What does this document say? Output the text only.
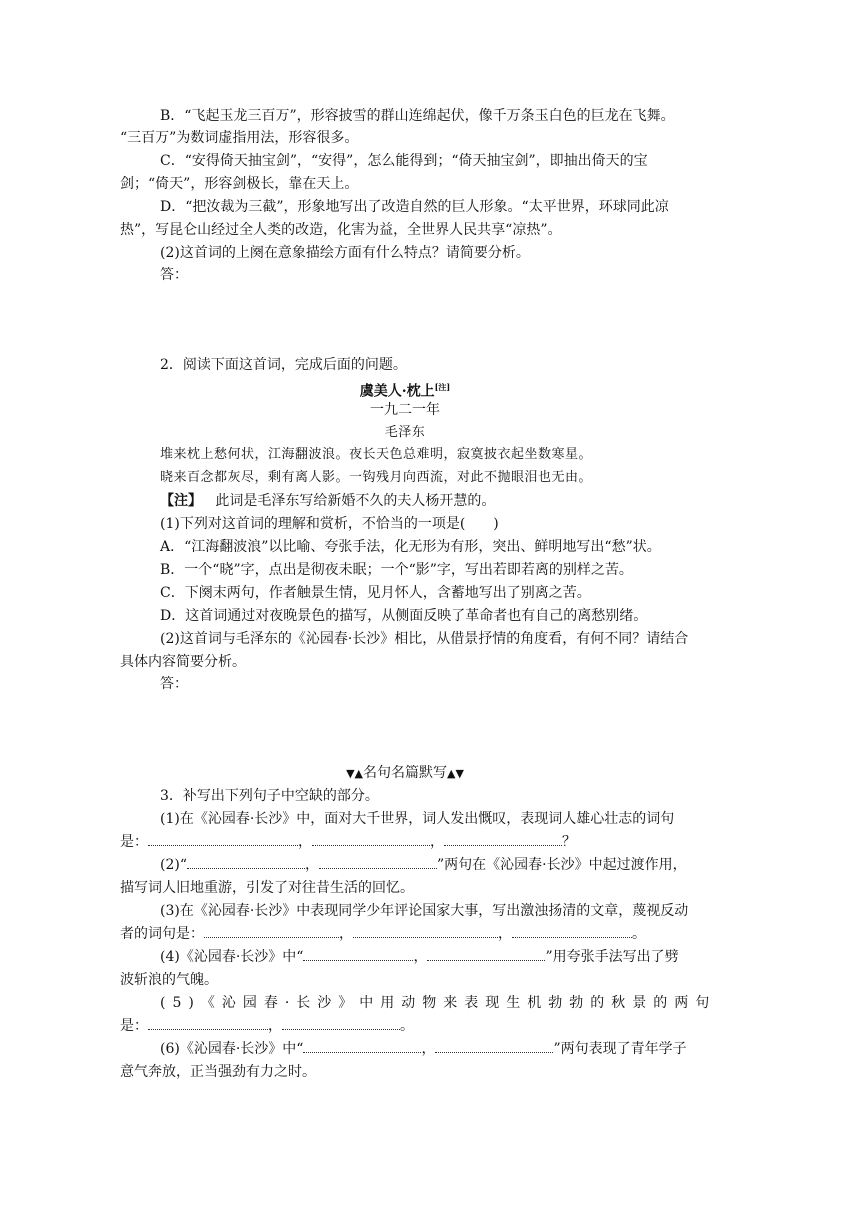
B．“飞起玉龙三百万”，形容披雪的群山连绵起伏，像千万条玉白色的巨龙在飞舞。
“三百万”为数词虚指用法，形容很多。
C．“安得倚天抽宝剑”，“安得”，怎么能得到；“倚天抽宝剑”，即抽出倚天的宝
剑；“倚天”，形容剑极长，靠在天上。
D．“把汝裁为三截”，形象地写出了改造自然的巨人形象。“太平世界，环球同此凉
热”，写昆仑山经过全人类的改造，化害为益，全世界人民共享“凉热”。
(2)这首词的上阕在意象描绘方面有什么特点？请简要分析。
答：
2．阅读下面这首词，完成后面的问题。
虞美人·枕上[注]
一九二一年
毛泽东
堆来枕上愁何状，江海翻波浪。夜长天色总难明，寂寞披衣起坐数寒星。
晓来百念都灰尽，剩有离人影。一钩残月向西流，对此不抛眼泪也无由。
【注】 此词是毛泽东写给新婚不久的夫人杨开慧的。
(1)下列对这首词的理解和赏析，不恰当的一项是(　　)
A．“江海翻波浪”以比喻、夸张手法，化无形为有形，突出、鲜明地写出“愁”状。
B．一个“晓”字，点出是彻夜未眠；一个“影”字，写出若即若离的别样之苦。
C．下阕末两句，作者触景生情，见月怀人，含蓄地写出了别离之苦。
D．这首词通过对夜晚景色的描写，从侧面反映了革命者也有自己的离愁别绪。
(2)这首词与毛泽东的《沁园春·长沙》相比，从借景抒情的角度看，有何不同？请结合
具体内容简要分析。
答：
▼▲名句名篇默写▲▼
3．补写出下列句子中空缺的部分。
(1)在《沁园春·长沙》中，面对大千世界，词人发出慨叹，表现词人雄心壮志的词句
是：	，	，	？
(2)“	，	”两句在《沁园春·长沙》中起过渡作用，
描写词人旧地重游，引发了对往昔生活的回忆。
(3)在《沁园春·长沙》中表现同学少年评论国家大事，写出激浊扬清的文章，蔑视反动
者的词句是：	，	，	。
(4)《沁园春·长沙》中“	，	”用夸张手法写出了劈
波斩浪的气魄。
(5)《沁园春·长沙》中用动物来表现生机勃勃的秋景的两句
是：	，	。
(6)《沁园春·长沙》中“	，	”两句表现了青年学子
意气奔放，正当强劲有力之时。
